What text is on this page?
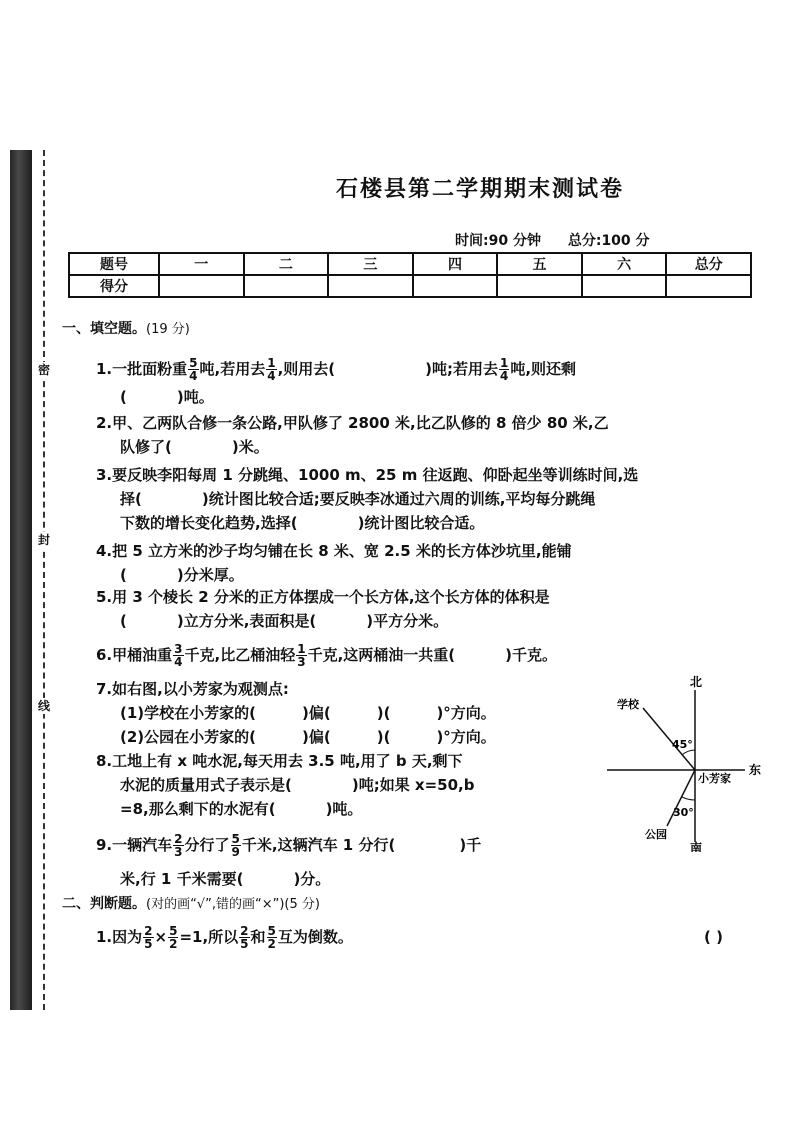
密
封
线
石楼县第二学期期末测试卷
时间:90 分钟 总分:100 分
题号	一	二	三	四	五	六	总分
得分							
一、填空题。(19 分)
1.一批面粉重 $\frac{5}{4}$ 吨,若用去 $\frac{1}{4}$ ,则用去(	)吨;若用去 $\frac{1}{4}$ 吨,则还剩
(	)吨。
2.甲、乙两队合修一条公路,甲队修了 2800 米,比乙队修的 8 倍少 80 米,乙
队修了(	)米。
3.要反映李阳每周 1 分跳绳、1000 m、25 m 往返跑、仰卧起坐等训练时间,选
择(	)统计图比较合适;要反映李冰通过六周的训练,平均每分跳绳
下数的增长变化趋势,选择(	)统计图比较合适。
4.把 5 立方米的沙子均匀铺在长 8 米、宽 2.5 米的长方体沙坑里,能铺
(	)分米厚。
5.用 3 个棱长 2 分米的正方体摆成一个长方体,这个长方体的体积是
(	)立方分米,表面积是(	)平方分米。
6.甲桶油重 $\frac{3}{4}$ 千克,比乙桶油轻 $\frac{1}{3}$ 千克,这两桶油一共重(	)千克。
7.如右图,以小芳家为观测点:
(1)学校在小芳家的(	)偏(	)(	)°方向。
(2)公园在小芳家的(	)偏(	)(	)°方向。
8.工地上有 x 吨水泥,每天用去 3.5 吨,用了 b 天,剩下
水泥的质量用式子表示是(	)吨;如果 x=50,b
=8,那么剩下的水泥有(	)吨。
9.一辆汽车 $\frac{2}{3}$ 分行了 $\frac{5}{9}$ 千米,这辆汽车 1 分行(	)千
米,行 1 千米需要(	)分。
北
南
东
学校
公园
小芳家
45°
30°
二、判断题。(对的画“√”,错的画“×”)(5 分)
1.因为 $\frac{2}{5} \times \frac{5}{2} =1$,所以 $\frac{2}{5}$ 和 $\frac{5}{2}$ 互为倒数。	( )
